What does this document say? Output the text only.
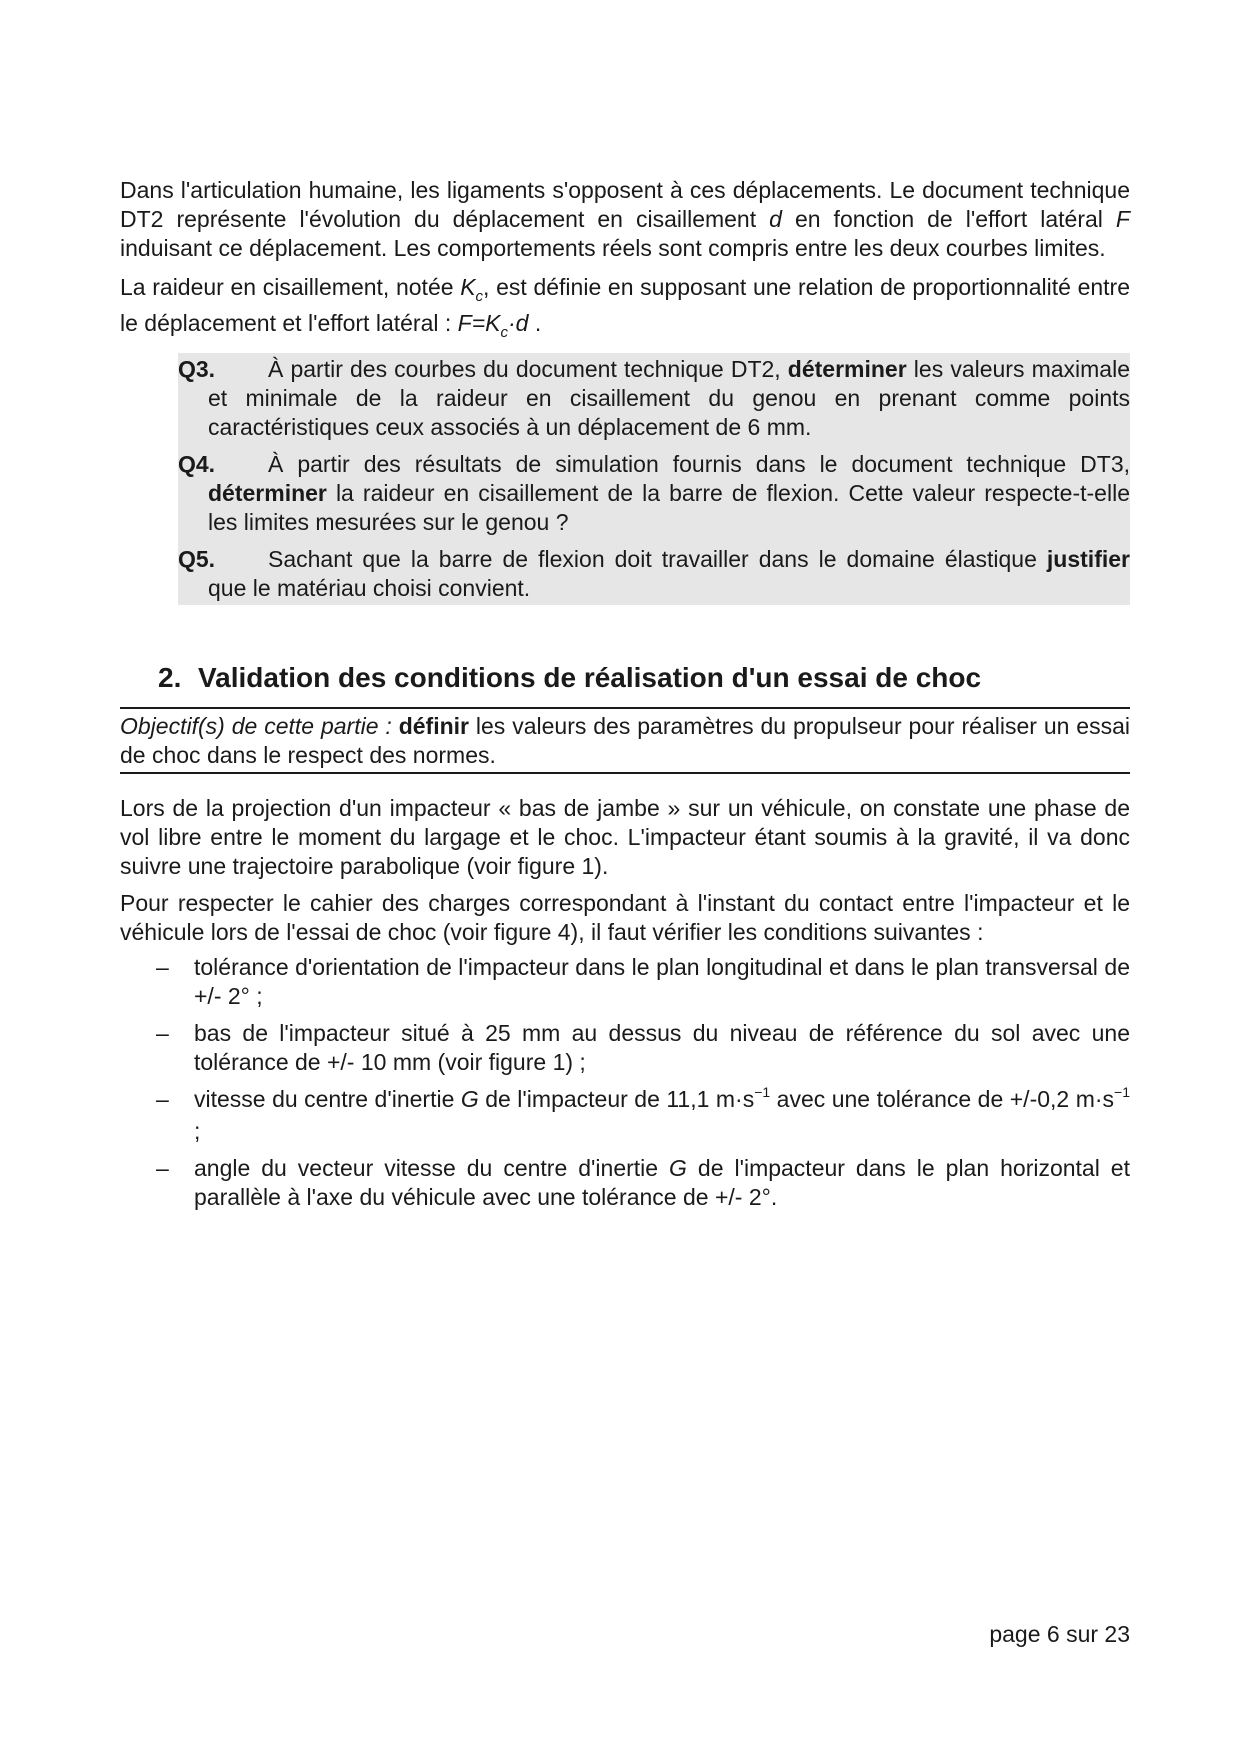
Dans l'articulation humaine, les ligaments s'opposent à ces déplacements. Le document technique DT2 représente l'évolution du déplacement en cisaillement d en fonction de l'effort latéral F induisant ce déplacement. Les comportements réels sont compris entre les deux courbes limites.

La raideur en cisaillement, notée $K_c$, est définie en supposant une relation de proportionnalité entre le déplacement et l'effort latéral : $F=K_c\cdot d$ .

Q3. À partir des courbes du document technique DT2, déterminer les valeurs maximale et minimale de la raideur en cisaillement du genou en prenant comme points caractéristiques ceux associés à un déplacement de 6 mm.

Q4. À partir des résultats de simulation fournis dans le document technique DT3, déterminer la raideur en cisaillement de la barre de flexion. Cette valeur respecte-t-elle les limites mesurées sur le genou ?

Q5. Sachant que la barre de flexion doit travailler dans le domaine élastique justifier que le matériau choisi convient.

2. Validation des conditions de réalisation d'un essai de choc

Objectif(s) de cette partie : définir les valeurs des paramètres du propulseur pour réaliser un essai de choc dans le respect des normes.

Lors de la projection d'un impacteur « bas de jambe » sur un véhicule, on constate une phase de vol libre entre le moment du largage et le choc. L'impacteur étant soumis à la gravité, il va donc suivre une trajectoire parabolique (voir figure 1).

Pour respecter le cahier des charges correspondant à l'instant du contact entre l'impacteur et le véhicule lors de l'essai de choc (voir figure 4), il faut vérifier les conditions suivantes :

– tolérance d'orientation de l'impacteur dans le plan longitudinal et dans le plan transversal de +/- 2° ;
– bas de l'impacteur situé à 25 mm au dessus du niveau de référence du sol avec une tolérance de +/- 10 mm (voir figure 1) ;
– vitesse du centre d'inertie G de l'impacteur de 11,1 $m\cdot s^{-1}$ avec une tolérance de +/-0,2 $m\cdot s^{-1}$ ;
– angle du vecteur vitesse du centre d'inertie G de l'impacteur dans le plan horizontal et parallèle à l'axe du véhicule avec une tolérance de +/- 2°.
page 6 sur 23
